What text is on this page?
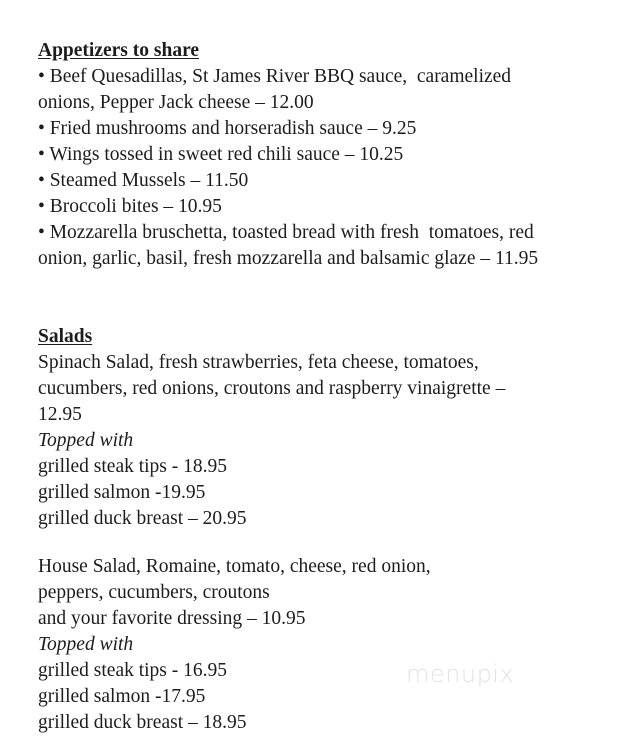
Appetizers to share
• Beef Quesadillas, St James River BBQ sauce,  caramelized
onions, Pepper Jack cheese – 12.00
• Fried mushrooms and horseradish sauce – 9.25
• Wings tossed in sweet red chili sauce – 10.25
• Steamed Mussels – 11.50
• Broccoli bites – 10.95
• Mozzarella bruschetta, toasted bread with fresh  tomatoes, red
onion, garlic, basil, fresh mozzarella and balsamic glaze – 11.95
Salads
Spinach Salad, fresh strawberries, feta cheese, tomatoes,
cucumbers, red onions, croutons and raspberry vinaigrette –
12.95
Topped with
grilled steak tips - 18.95
grilled salmon -19.95
grilled duck breast – 20.95
House Salad, Romaine, tomato, cheese, red onion,
peppers, cucumbers, croutons
and your favorite dressing – 10.95
Topped with
grilled steak tips - 16.95
grilled salmon -17.95
grilled duck breast – 18.95
menupix
